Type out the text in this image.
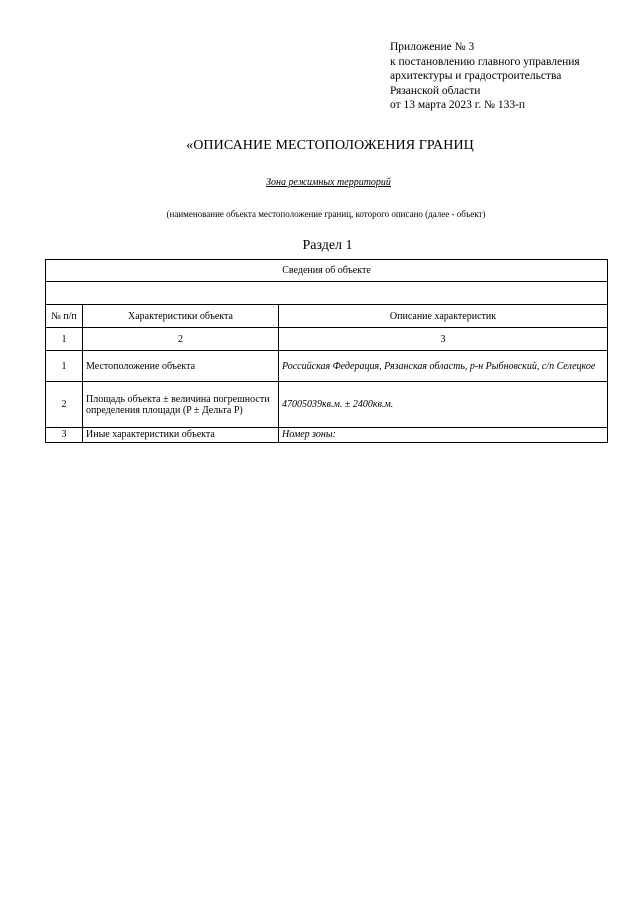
Приложение № 3
к постановлению главного управления
архитектуры и градостроительства
Рязанской области
от 13 марта 2023 г. № 133-п
«ОПИСАНИЕ МЕСТОПОЛОЖЕНИЯ ГРАНИЦ
Зона режимных территорий
(наименование объекта местоположение границ, которого описано (далее - объект)
Раздел 1
Сведения об объекте		

№ п/п	Характеристики объекта	Описание характеристик
1	2	3
1	Местоположение объекта	Российская Федерация, Рязанская область, р-н Рыбновский, с/п Селецкое
2	Площадь объекта ± величина погрешности определения площади (P ± Дельта P)	47005039кв.м. ± 2400кв.м.
3	Иные характеристики объекта	Номер зоны:
